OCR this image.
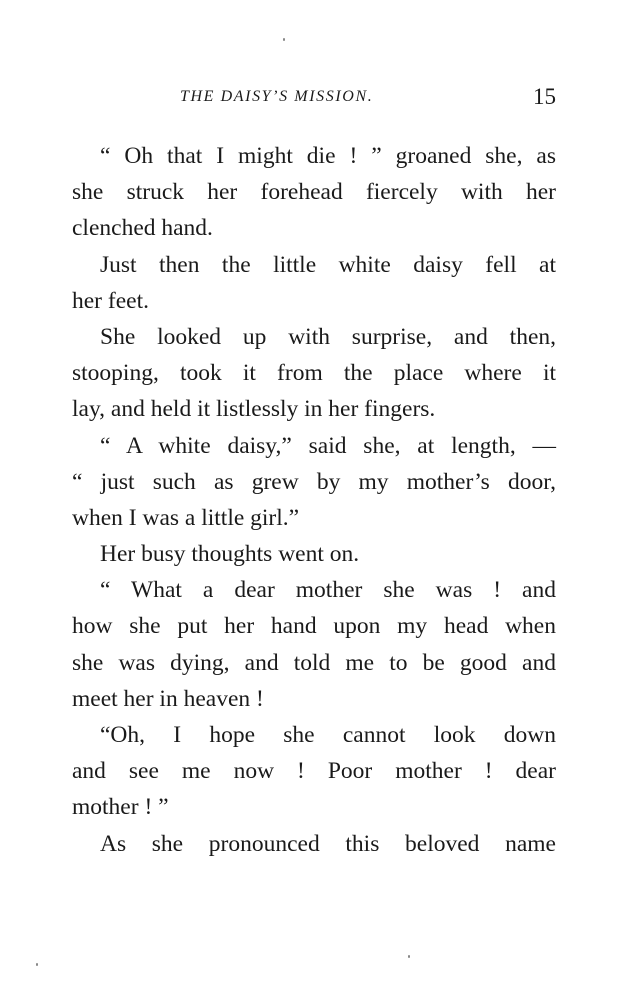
THE DAISY’S MISSION.	15
“ Oh that I might die ! ” groaned she, as
she struck her forehead fiercely with her
clenched hand.
Just then the little white daisy fell at
her feet.
She looked up with surprise, and then,
stooping, took it from the place where it
lay, and held it listlessly in her fingers.
“ A white daisy,” said she, at length, —
“ just such as grew by my mother’s door,
when I was a little girl.”
Her busy thoughts went on.
“ What a dear mother she was ! and
how she put her hand upon my head when
she was dying, and told me to be good and
meet her in heaven !
“Oh, I hope she cannot look down
and see me now ! Poor mother ! dear
mother ! ”
As she pronounced this beloved name
